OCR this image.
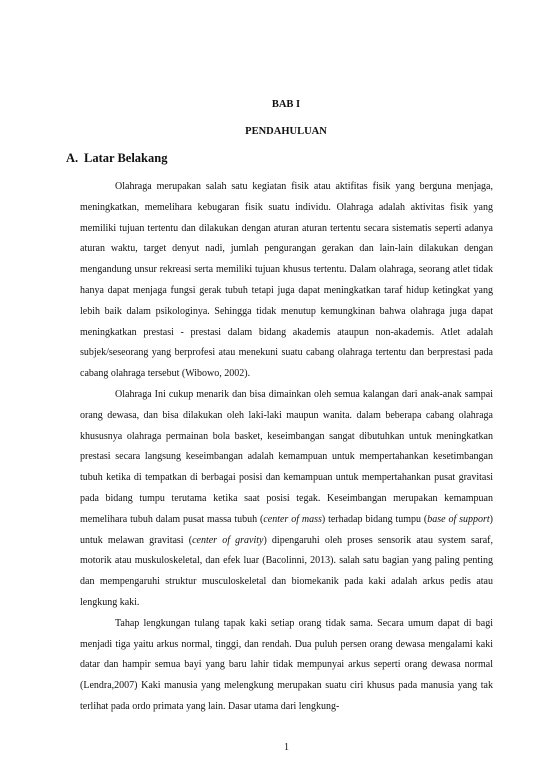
BAB I
PENDAHULUAN
A. Latar Belakang

Olahraga merupakan salah satu kegiatan fisik atau aktifitas fisik yang berguna menjaga, meningkatkan, memelihara kebugaran fisik suatu individu. Olahraga adalah aktivitas fisik yang memiliki tujuan tertentu dan dilakukan dengan aturan aturan tertentu secara sistematis seperti adanya aturan waktu, target denyut nadi, jumlah pengurangan gerakan dan lain-lain dilakukan dengan mengandung unsur rekreasi serta memiliki tujuan khusus tertentu. Dalam olahraga, seorang atlet tidak hanya dapat menjaga fungsi gerak tubuh tetapi juga dapat meningkatkan taraf hidup ketingkat yang lebih baik dalam psikologinya. Sehingga tidak menutup kemungkinan bahwa olahraga juga dapat meningkatkan prestasi - prestasi dalam bidang akademis ataupun non-akademis. Atlet adalah subjek/seseorang yang berprofesi atau menekuni suatu cabang olahraga tertentu dan berprestasi pada cabang olahraga tersebut (Wibowo, 2002).

Olahraga Ini cukup menarik dan bisa dimainkan oleh semua kalangan dari anak-anak sampai orang dewasa, dan bisa dilakukan oleh laki-laki maupun wanita. dalam beberapa cabang olahraga khususnya olahraga permainan bola basket, keseimbangan sangat dibutuhkan untuk meningkatkan prestasi secara langsung keseimbangan adalah kemampuan untuk mempertahankan kesetimbangan tubuh ketika di tempatkan di berbagai posisi dan kemampuan untuk mempertahankan pusat gravitasi pada bidang tumpu terutama ketika saat posisi tegak. Keseimbangan merupakan kemampuan memelihara tubuh dalam pusat massa tubuh (center of mass) terhadap bidang tumpu (base of support) untuk melawan gravitasi (center of gravity) dipengaruhi oleh proses sensorik atau system saraf, motorik atau muskuloskeletal, dan efek luar (Bacolinni, 2013). salah satu bagian yang paling penting dan mempengaruhi struktur musculoskeletal dan biomekanik pada kaki adalah arkus pedis atau lengkung kaki.

Tahap lengkungan tulang tapak kaki setiap orang tidak sama. Secara umum dapat di bagi menjadi tiga yaitu arkus normal, tinggi, dan rendah. Dua puluh persen orang dewasa mengalami kaki datar dan hampir semua bayi yang baru lahir tidak mempunyai arkus seperti orang dewasa normal (Lendra,2007) Kaki manusia yang melengkung merupakan suatu ciri khusus pada manusia yang tak terlihat pada ordo primata yang lain. Dasar utama dari lengkung-

1
